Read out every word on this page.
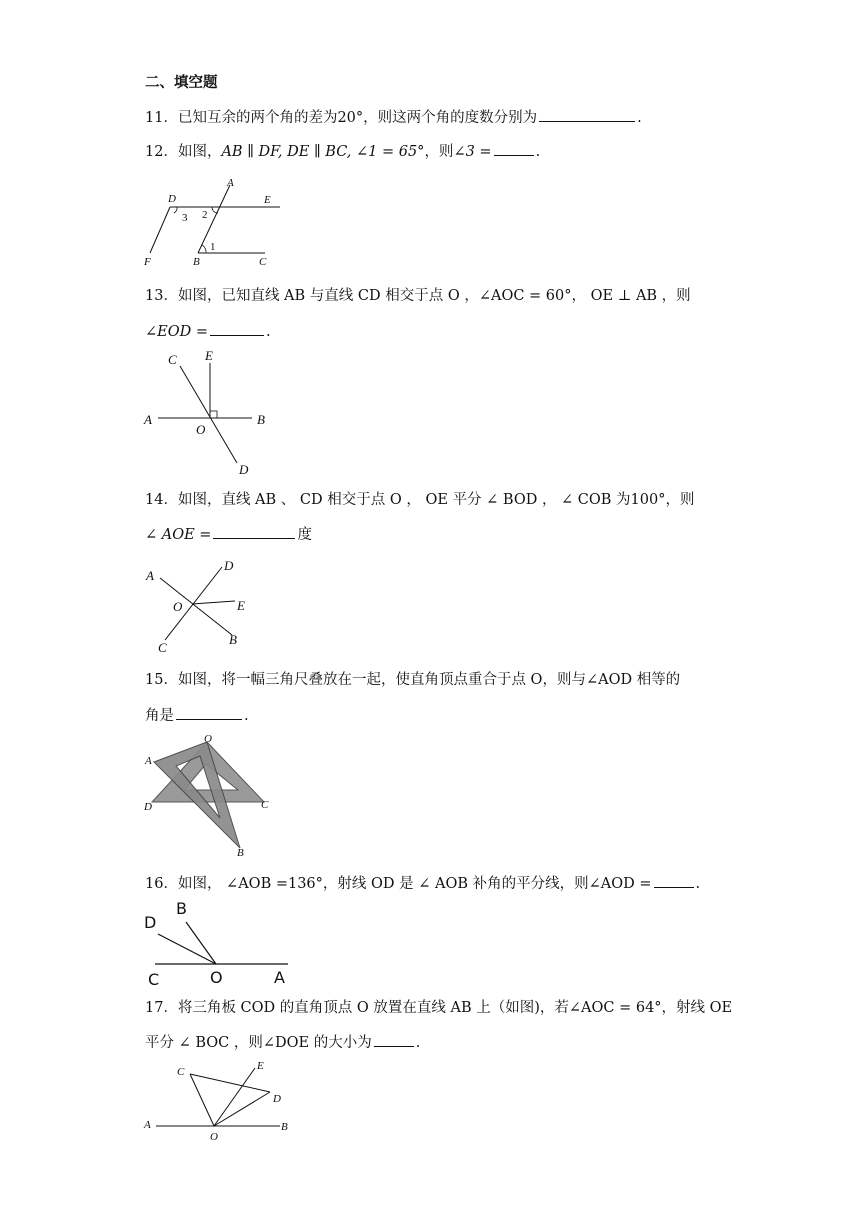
二、填空题
11．已知互余的两个角的差为20°，则这两个角的度数分别为	.
12．如图，AB ∥ DF, DE ∥ BC, ∠1 = 65°，则∠3 =	.
D
A
E
F	B	C
3 2
1
13．如图，已知直线 AB 与直线 CD 相交于点 O ，∠AOC = 60°， OE ⊥ AB ，则
∠EOD =	.
C E
A	B
O
D
14．如图，直线 AB 、 CD 相交于点 O ， OE 平分 ∠ BOD ， ∠ COB 为100°，则
∠ AOE =	度
A
D
O	E
C
B
15．如图，将一幅三角尺叠放在一起，使直角顶点重合于点 O，则与∠AOD 相等的
角是	.
O
A
D	C
B
16．如图， ∠AOB =136°，射线 OD 是 ∠ AOB 补角的平分线，则∠AOD =	.
D
B
C	O	A
17．将三角板 COD 的直角顶点 O 放置在直线 AB 上（如图)，若∠AOC = 64°，射线 OE
平分 ∠ BOC ，则∠DOE 的大小为	.
C	E
D
A	B
O
